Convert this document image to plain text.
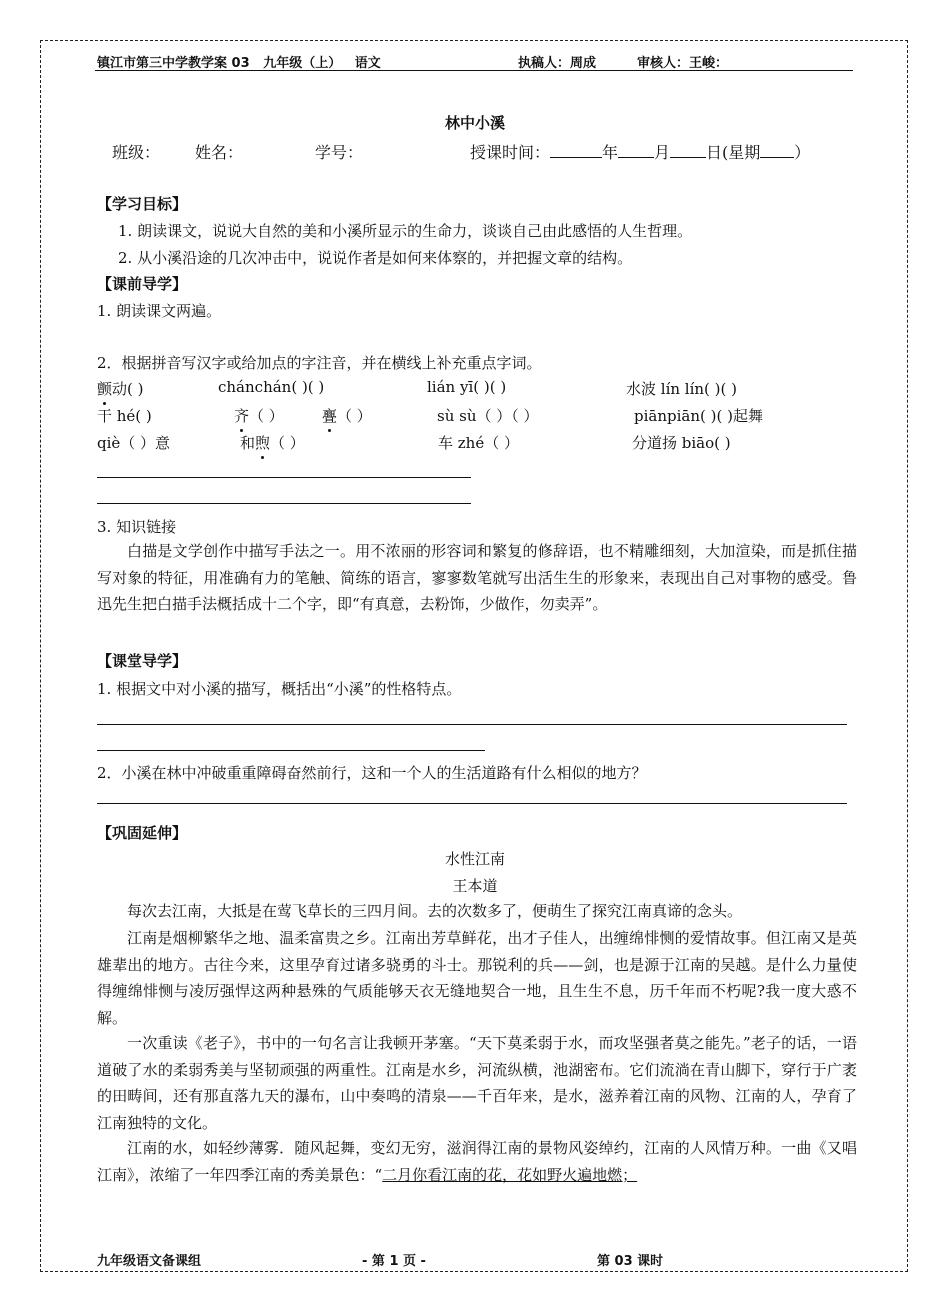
镇江市第三中学教学案 03 九年级（上） 语文	执稿人：周成	审核人：王峻：
林中小溪
班级： 姓名：	学号：	授课时间：	年 月 日(星期 ）
【学习目标】
1. 朗读课文，说说大自然的美和小溪所显示的生命力，谈谈自己由此感悟的人生哲理。
2. 从小溪沿途的几次冲击中，说说作者是如何来体察的，并把握文章的结构。
【课前导学】
1. 朗读课文两遍。
2．根据拼音写汉字或给加点的字注音，并在横线上补充重点字词。
颤动( )	chánchán( )( )	lián yī( )( )	水波 lín lín( )( )
干 hé( )	齐（ ）	亹（ ）	sù sù（ ）（ ）	piānpiān( )( )起舞
qiè（ ）意	和煦（ ）	车 zhé（ ）	分道扬 biāo( )
3. 知识链接
白描是文学创作中描写手法之一。用不浓丽的形容词和繁复的修辞语，也不精雕细刻，大加渲染，而是抓住描写对象的特征，用准确有力的笔触、简练的语言，寥寥数笔就写出活生生的形象来，表现出自己对事物的感受。鲁迅先生把白描手法概括成十二个字，即“有真意，去粉饰，少做作，勿卖弄”。
【课堂导学】
1. 根据文中对小溪的描写，概括出“小溪”的性格特点。
2．小溪在林中冲破重重障碍奋然前行，这和一个人的生活道路有什么相似的地方？
【巩固延伸】
水性江南
王本道
每次去江南，大抵是在莺飞草长的三四月间。去的次数多了，便萌生了探究江南真谛的念头。
江南是烟柳繁华之地、温柔富贵之乡。江南出芳草鲜花，出才子佳人，出缠绵悱恻的爱情故事。但江南又是英雄辈出的地方。古往今来，这里孕育过诸多骁勇的斗士。那锐利的兵——剑，也是源于江南的吴越。是什么力量使得缠绵悱恻与凌厉强悍这两种悬殊的气质能够天衣无缝地契合一地，且生生不息，历千年而不朽呢?我一度大惑不解。
一次重读《老子》，书中的一句名言让我顿开茅塞。“天下莫柔弱于水，而攻坚强者莫之能先。”老子的话，一语道破了水的柔弱秀美与坚韧顽强的两重性。江南是水乡，河流纵横，池湖密布。它们流淌在青山脚下，穿行于广袤的田畴间，还有那直落九天的瀑布，山中奏鸣的清泉——千百年来，是水，滋养着江南的风物、江南的人，孕育了江南独特的文化。
江南的水，如轻纱薄雾．随风起舞，变幻无穷，滋润得江南的景物风姿绰约，江南的人风情万种。一曲《又唱江南》，浓缩了一年四季江南的秀美景色：“二月你看江南的花，花如野火遍地燃；
九年级语文备课组	- 第 1 页 -	第 03 课时
